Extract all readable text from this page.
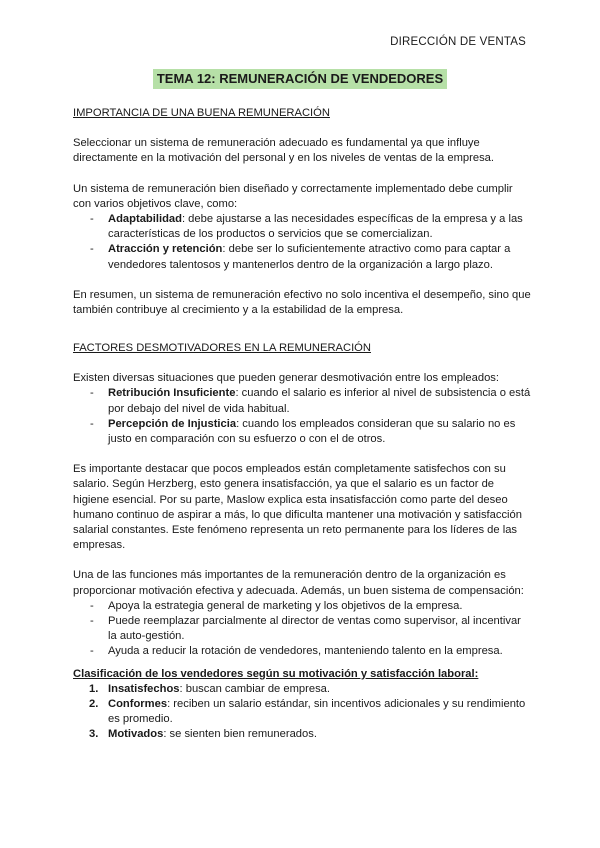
DIRECCIÓN DE VENTAS
TEMA 12: REMUNERACIÓN DE VENDEDORES

IMPORTANCIA DE UNA BUENA REMUNERACIÓN

Seleccionar un sistema de remuneración adecuado es fundamental ya que influye directamente en la motivación del personal y en los niveles de ventas de la empresa.

Un sistema de remuneración bien diseñado y correctamente implementado debe cumplir con varios objetivos clave, como:

- Adaptabilidad: debe ajustarse a las necesidades específicas de la empresa y a las características de los productos o servicios que se comercializan.
- Atracción y retención: debe ser lo suficientemente atractivo como para captar a vendedores talentosos y mantenerlos dentro de la organización a largo plazo.

En resumen, un sistema de remuneración efectivo no solo incentiva el desempeño, sino que también contribuye al crecimiento y a la estabilidad de la empresa.

FACTORES DESMOTIVADORES EN LA REMUNERACIÓN

Existen diversas situaciones que pueden generar desmotivación entre los empleados:

- Retribución Insuficiente: cuando el salario es inferior al nivel de subsistencia o está por debajo del nivel de vida habitual.
- Percepción de Injusticia: cuando los empleados consideran que su salario no es justo en comparación con su esfuerzo o con el de otros.

Es importante destacar que pocos empleados están completamente satisfechos con su salario. Según Herzberg, esto genera insatisfacción, ya que el salario es un factor de higiene esencial. Por su parte, Maslow explica esta insatisfacción como parte del deseo humano continuo de aspirar a más, lo que dificulta mantener una motivación y satisfacción salarial constantes. Este fenómeno representa un reto permanente para los líderes de las empresas.

Una de las funciones más importantes de la remuneración dentro de la organización es proporcionar motivación efectiva y adecuada. Además, un buen sistema de compensación:

- Apoya la estrategia general de marketing y los objetivos de la empresa.
- Puede reemplazar parcialmente al director de ventas como supervisor, al incentivar la auto-gestión.
- Ayuda a reducir la rotación de vendedores, manteniendo talento en la empresa.

Clasificación de los vendedores según su motivación y satisfacción laboral:

1. Insatisfechos: buscan cambiar de empresa.
2. Conformes: reciben un salario estándar, sin incentivos adicionales y su rendimiento es promedio.
3. Motivados: se sienten bien remunerados.
